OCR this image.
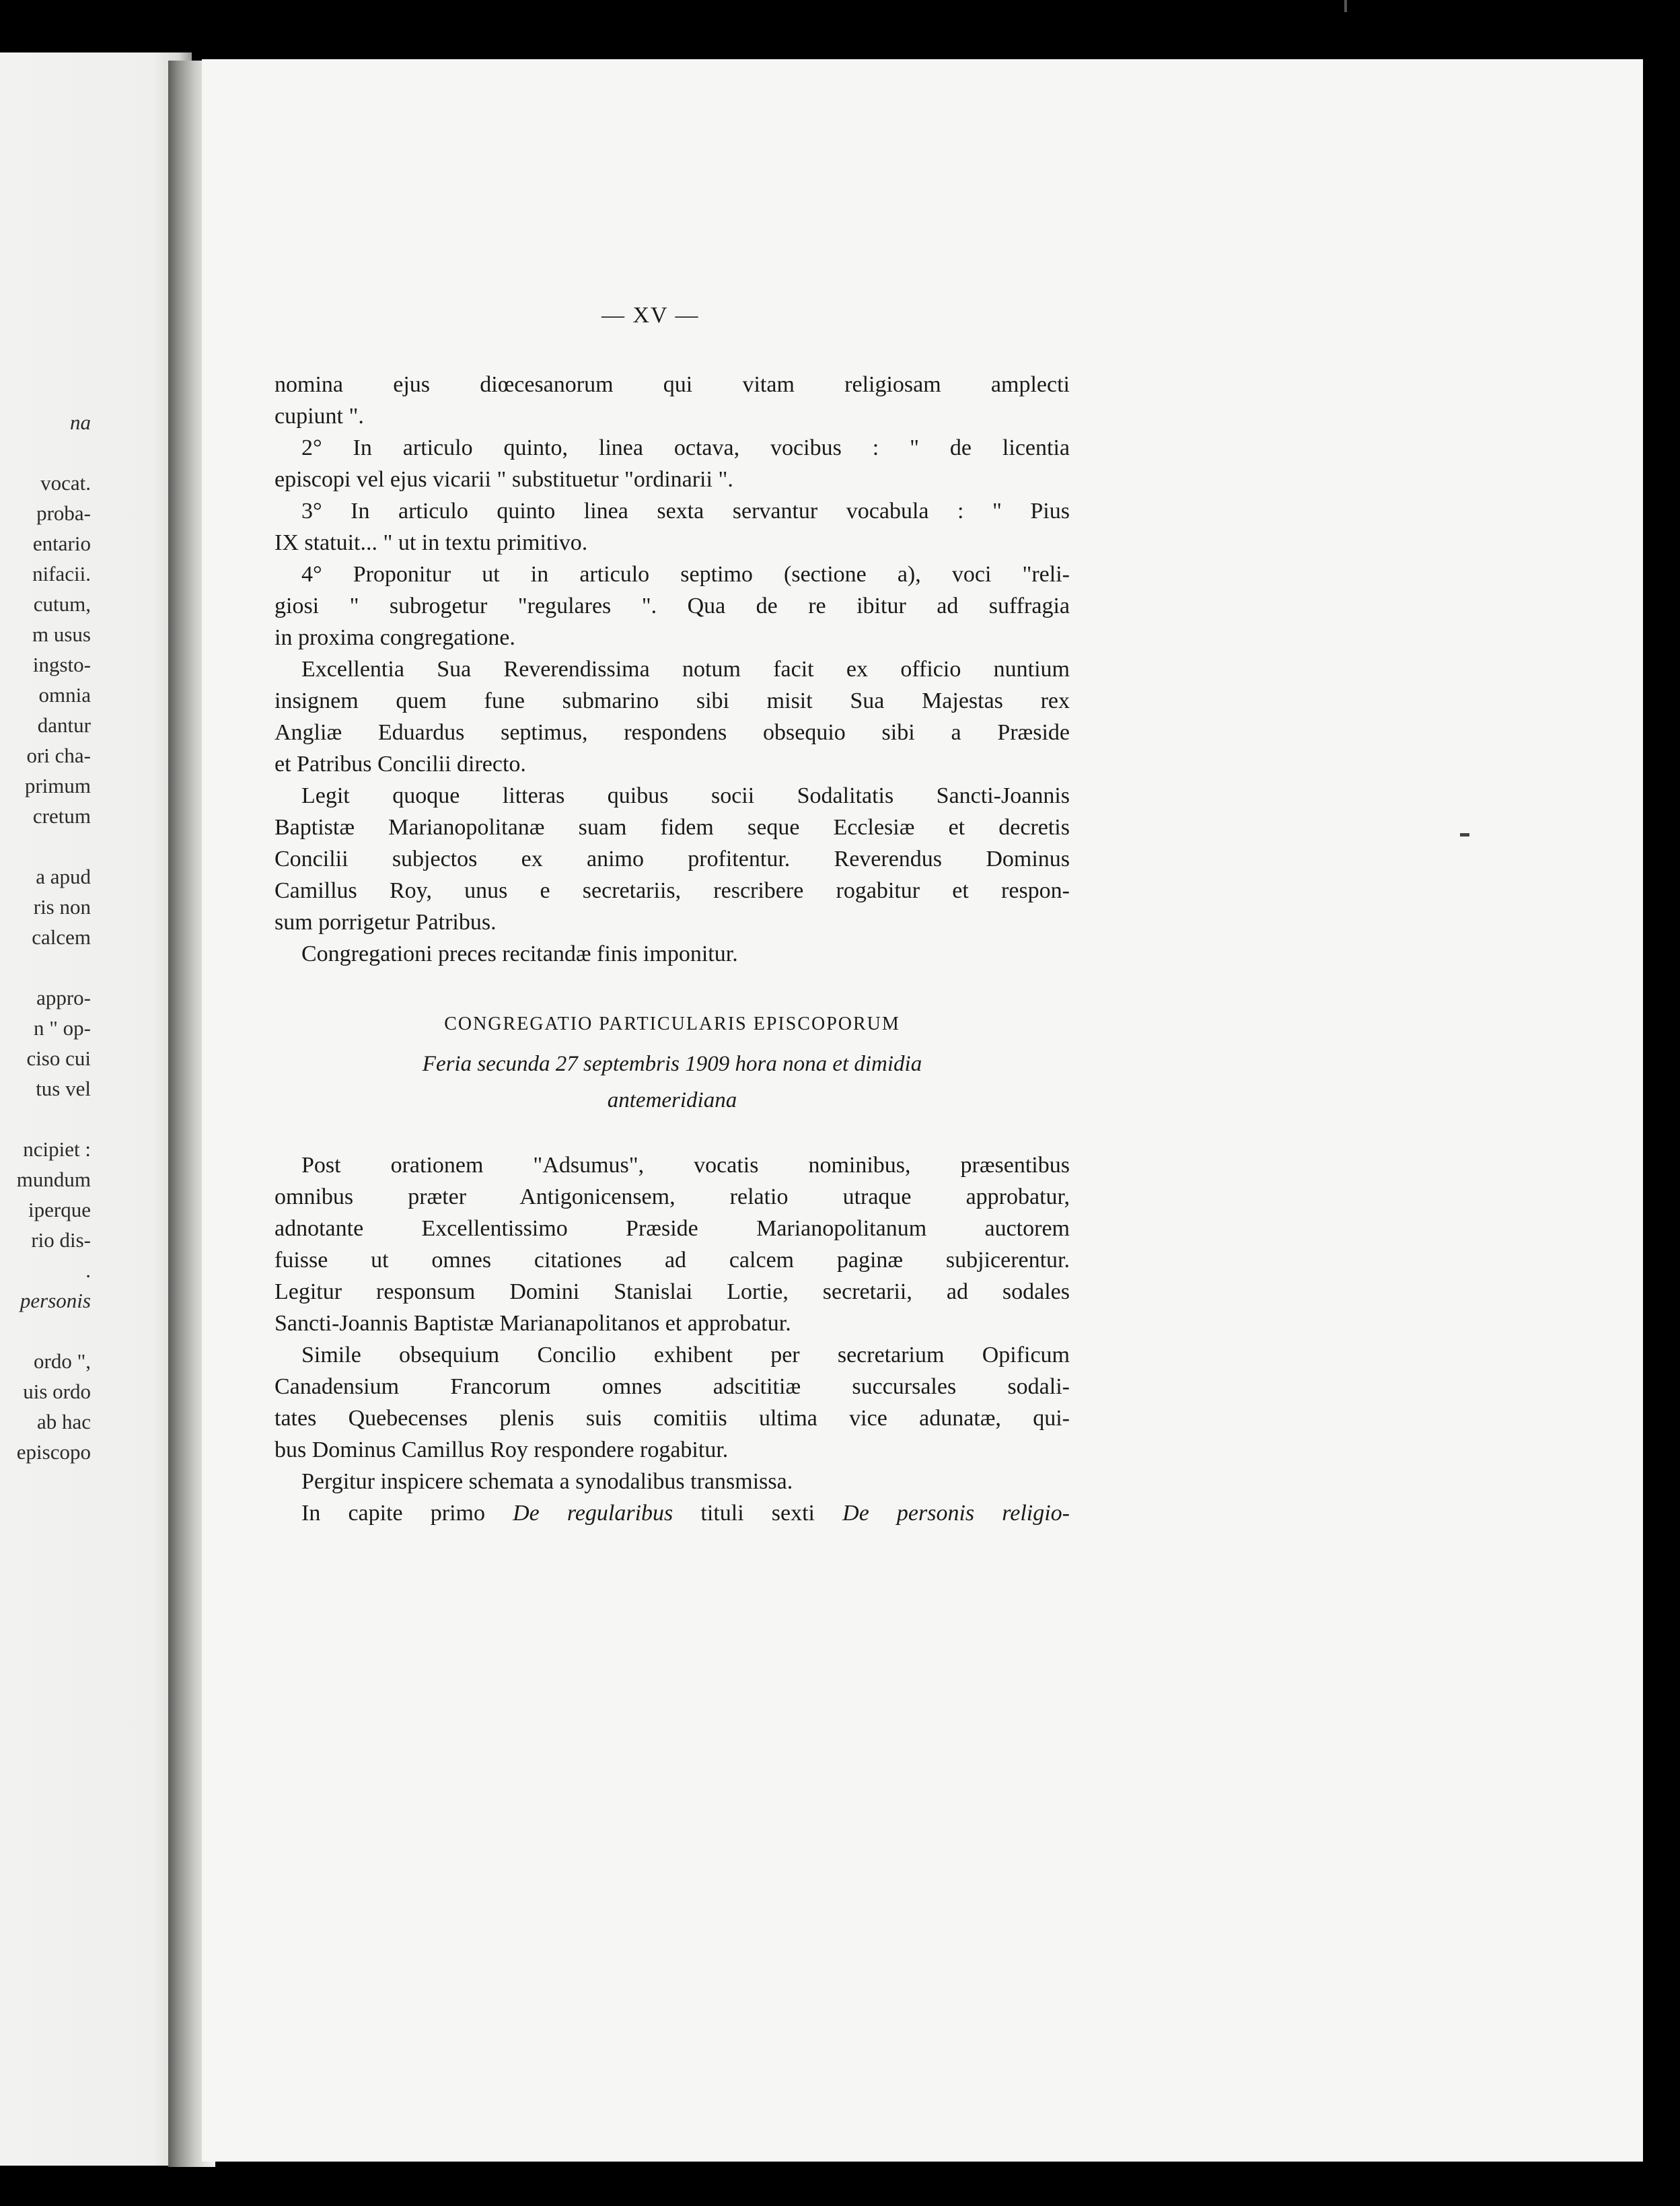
na
vocat.
proba-
entario
nifacii.
cutum,
m usus
ingsto-
omnia
dantur
ori cha-
primum
cretum
a apud
ris non
calcem
appro-
n " op-
ciso cui
tus vel
ncipiet :
mundum
iperque
rio dis-
.
personis
ordo ",
uis ordo
ab hac
episcopo
— XV —
nomina ejus diœcesanorum qui vitam religiosam amplecti
cupiunt ".
2° In articulo quinto, linea octava, vocibus : " de licentia
episcopi vel ejus vicarii " substituetur "ordinarii ".
3° In articulo quinto linea sexta servantur vocabula : " Pius
IX statuit... " ut in textu primitivo.
4° Proponitur ut in articulo septimo (sectione a), voci "reli-
giosi " subrogetur "regulares ". Qua de re ibitur ad suffragia
in proxima congregatione.
Excellentia Sua Reverendissima notum facit ex officio nuntium
insignem quem fune submarino sibi misit Sua Majestas rex
Angliæ Eduardus septimus, respondens obsequio sibi a Præside
et Patribus Concilii directo.
Legit quoque litteras quibus socii Sodalitatis Sancti-Joannis
Baptistæ Marianopolitanæ suam fidem seque Ecclesiæ et decretis
Concilii subjectos ex animo profitentur. Reverendus Dominus
Camillus Roy, unus e secretariis, rescribere rogabitur et respon-
sum porrigetur Patribus.
Congregationi preces recitandæ finis imponitur.
CONGREGATIO PARTICULARIS EPISCOPORUM
Feria secunda 27 septembris 1909 hora nona et dimidia
antemeridiana
Post orationem "Adsumus", vocatis nominibus, præsentibus
omnibus præter Antigonicensem, relatio utraque approbatur,
adnotante Excellentissimo Præside Marianopolitanum auctorem
fuisse ut omnes citationes ad calcem paginæ subjicerentur.
Legitur responsum Domini Stanislai Lortie, secretarii, ad sodales
Sancti-Joannis Baptistæ Marianapolitanos et approbatur.
Simile obsequium Concilio exhibent per secretarium Opificum
Canadensium Francorum omnes adscititiæ succursales sodali-
tates Quebecenses plenis suis comitiis ultima vice adunatæ, qui-
bus Dominus Camillus Roy respondere rogabitur.
Pergitur inspicere schemata a synodalibus transmissa.
In capite primo De regularibus tituli sexti De personis religio-
